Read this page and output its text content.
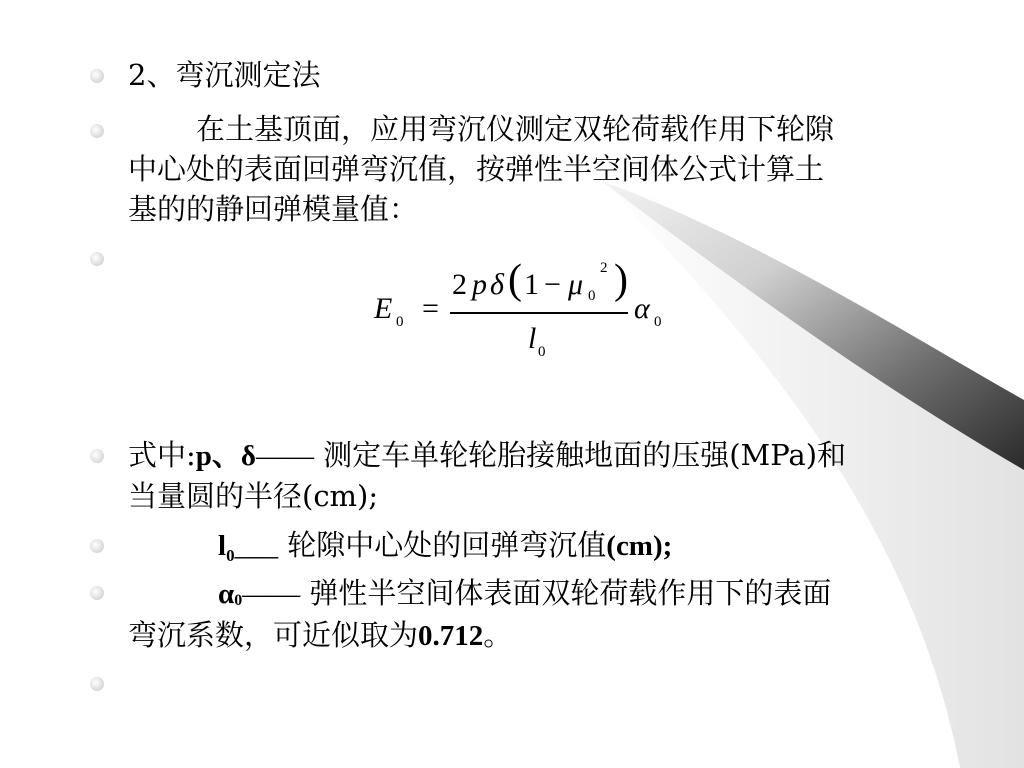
2、弯沉测定法
在土基顶面，应用弯沉仪测定双轮荷载作用下轮隙
中心处的表面回弹弯沉值，按弹性半空间体公式计算土
基的的静回弹模量值：
E 0 =
2 p δ ( 1 − μ 0
2 )
l 0
α 0
式中:p、δ—— 测定车单轮轮胎接触地面的压强(MPa)和
当量圆的半径(cm);
$l_0\_\_\_$ 轮隙中心处的回弹弯沉值(cm);
α0—— 弹性半空间体表面双轮荷载作用下的表面
弯沉系数，可近似取为0.712。
